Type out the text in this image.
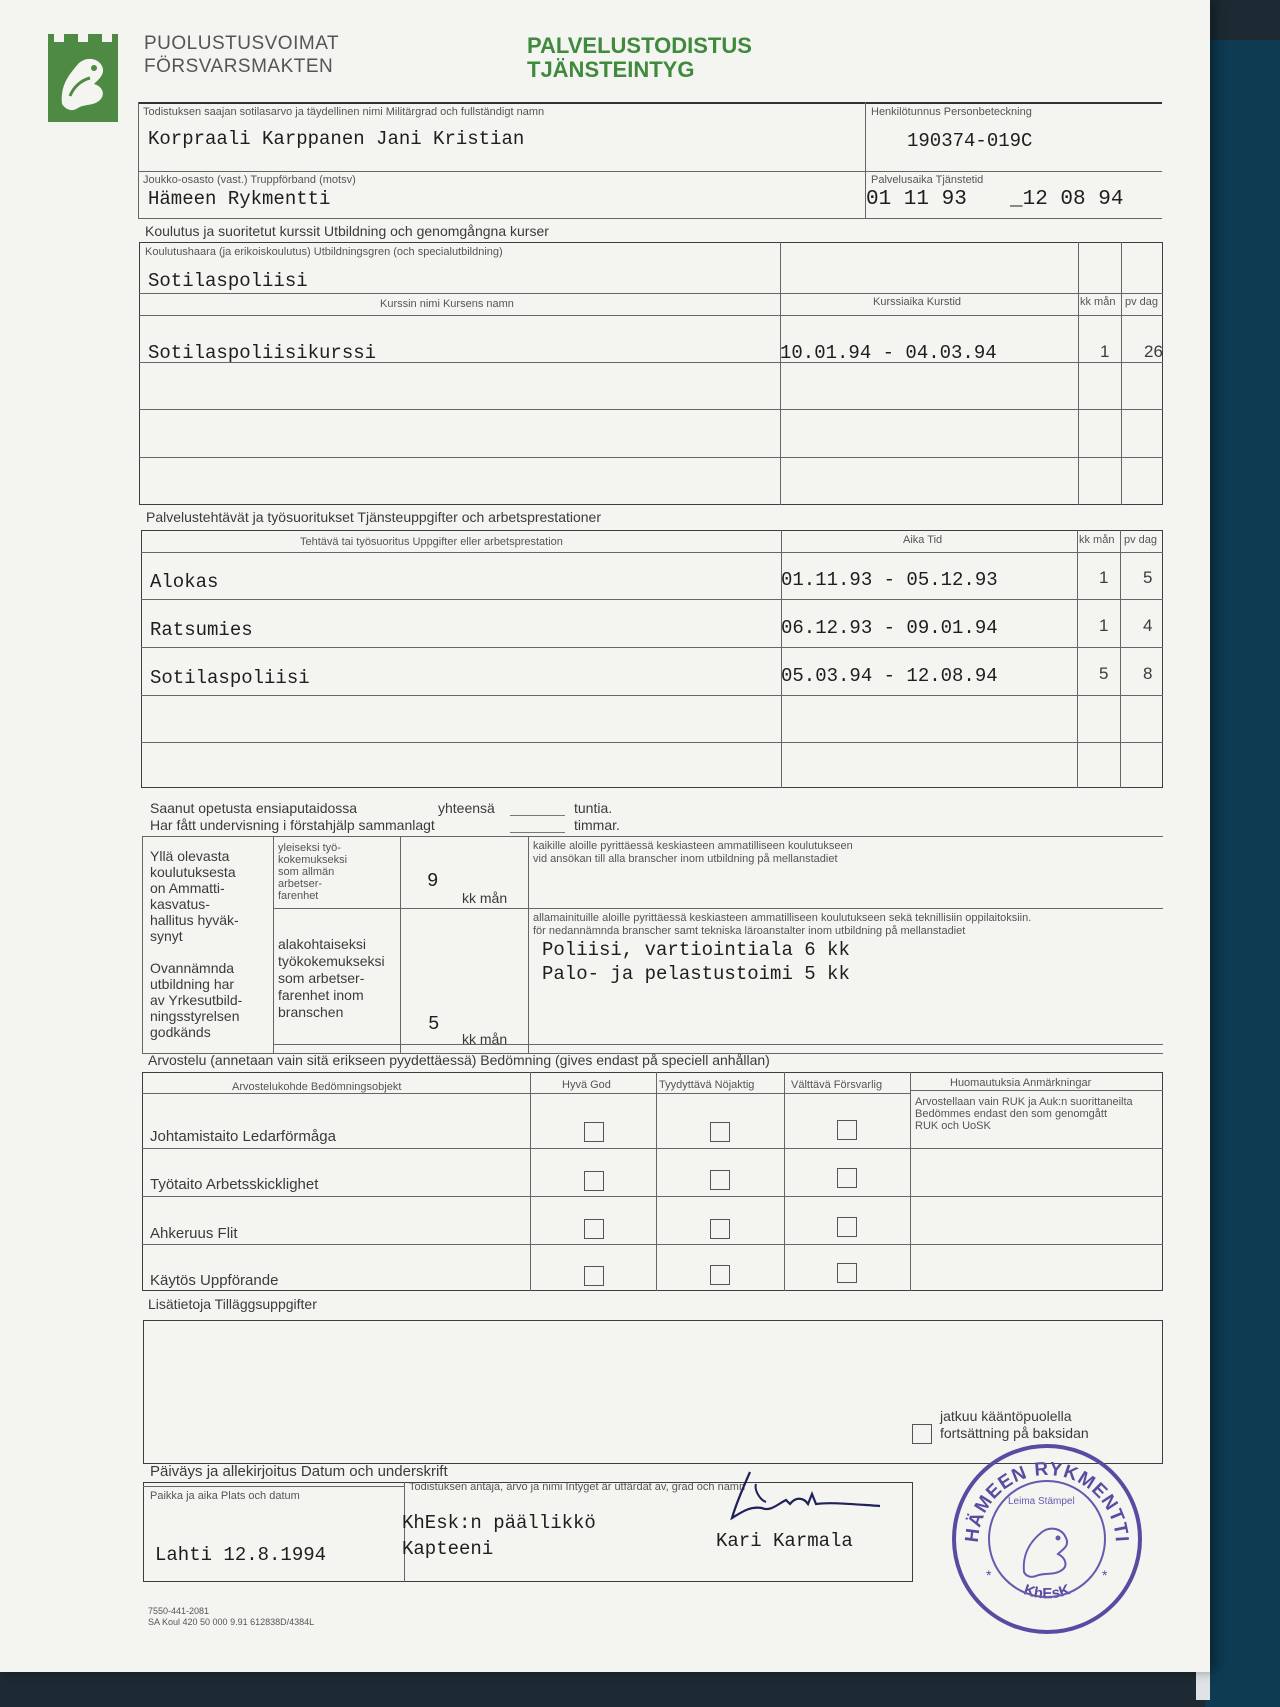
PUOLUSTUSVOIMAT
FÖRSVARSMAKTEN
PALVELUSTODISTUS
TJÄNSTEINTYG
Todistuksen saajan sotilasarvo ja täydellinen nimi Militärgrad och fullständigt namn
Korpraali Karppanen Jani Kristian
Henkilötunnus Personbeteckning
190374-019C
Joukko-osasto (vast.) Truppförband (motsv)
Hämeen Rykmentti
Palvelusaika Tjänstetid
01 11 93 _12 08 94
Koulutus ja suoritetut kurssit Utbildning och genomgångna kurser
Koulutushaara (ja erikoiskoulutus) Utbildningsgren (och specialutbildning)
Sotilaspoliisi
Kurssin nimi Kursens namn	Kurssiaika Kurstid	kk mån pv dag
Sotilaspoliisikurssi	10.01.94 - 04.03.94	1 26
Palvelustehtävät ja työsuoritukset Tjänsteuppgifter och arbetsprestationer
Tehtävä tai työsuoritus Uppgifter eller arbetsprestation	Aika Tid	kk mån pv dag
Alokas	01.11.93 - 05.12.93	1 5
Ratsumies	06.12.93 - 09.01.94	1 4
Sotilaspoliisi	05.03.94 - 12.08.94	5 8
Saanut opetusta ensiaputaidossa	yhteensä	tuntia.
Har fått undervisning i förstahjälp sammanlagt	timmar.
Yllä olevasta
koulutuksesta
on Ammatti-
kasvatus-
hallitus hyväk-
synyt
Ovannämnda
utbildning har
av Yrkesutbild-
ningsstyrelsen
godkänds
yleiseksi työ-
kokemukseksi
som allmän
arbetser-
farenhet
9
kk mån
alakohtaiseksi
työkokemukseksi
som arbetser-
farenhet inom
branschen
5
kk mån
kaikille aloille pyrittäessä keskiasteen ammatilliseen koulutukseen
vid ansökan till alla branscher inom utbildning på mellanstadiet
allamainituille aloille pyrittäessä keskiasteen ammatilliseen koulutukseen sekä teknillisiin oppilaitoksiin.
för nedannämnda branscher samt tekniska läroanstalter inom utbildning på mellanstadiet
Poliisi, vartiointiala 6 kk
Palo- ja pelastustoimi 5 kk
Arvostelu (annetaan vain sitä erikseen pyydettäessä) Bedömning (gives endast på speciell anhållan)
Arvostelukohde Bedömningsobjekt	Hyvä God	Tyydyttävä Nöjaktig	Välttävä Försvarlig	Huomautuksia Anmärkningar
Arvostellaan vain RUK ja Auk:n suorittaneilta
Bedömmes endast den som genomgått
RUK och UoSK
Johtamistaito Ledarförmåga
Työtaito Arbetsskicklighet
Ahkeruus Flit
Käytös Uppförande
Lisätietoja Tilläggsuppgifter
jatkuu kääntöpuolella
fortsättning på baksidan
Päiväys ja allekirjoitus Datum och underskrift
Paikka ja aika Plats och datum
Lahti 12.8.1994
Todistuksen antaja, arvo ja nimi Intyget är utfärdat av, grad och namn
KhEsk:n päällikkö
Kapteeni	Kari Karmala	HÄMEEN RYKMENTTI
KhEsK
*	*
Leima Stämpel
7550-441-2081
SA Koul 420 50 000 9.91 612838D/4384L
